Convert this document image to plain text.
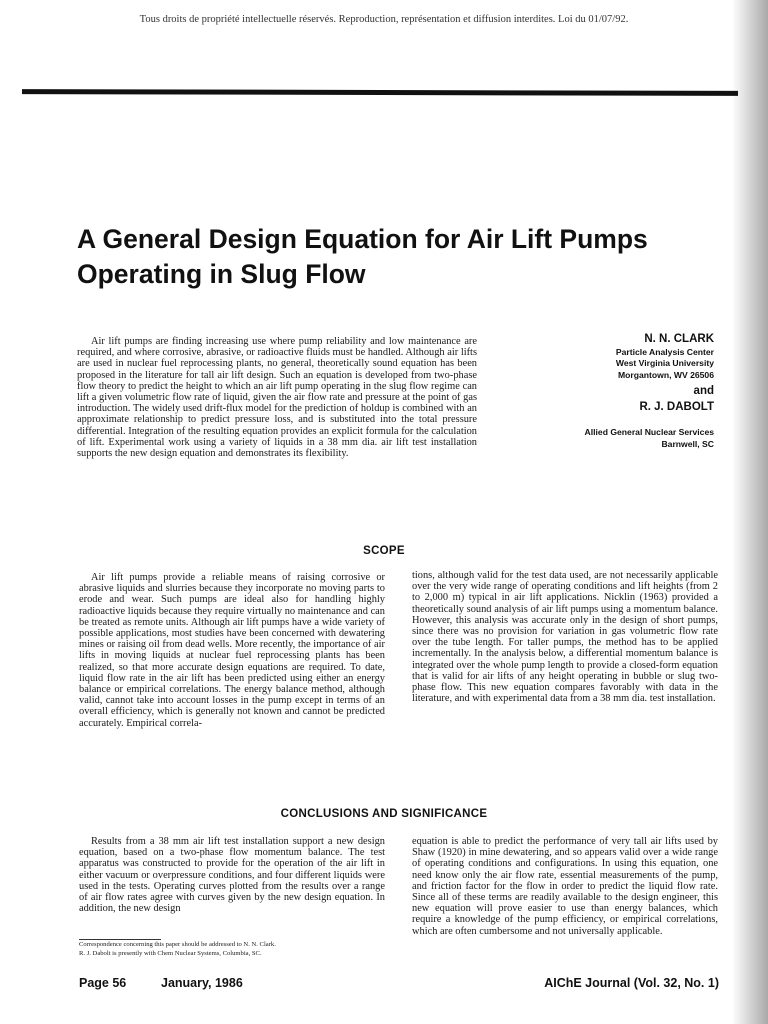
Tous droits de propriété intellectuelle réservés. Reproduction, représentation et diffusion interdites. Loi du 01/07/92.
A General Design Equation for Air Lift Pumps Operating in Slug Flow

Air lift pumps are finding increasing use where pump reliability and low maintenance are required, and where corrosive, abrasive, or radioactive fluids must be handled. Although air lifts are used in nuclear fuel reprocessing plants, no general, theoretically sound equation has been proposed in the literature for tall air lift design. Such an equation is developed from two-phase flow theory to predict the height to which an air lift pump operating in the slug flow regime can lift a given volumetric flow rate of liquid, given the air flow rate and pressure at the point of gas introduction. The widely used drift-flux model for the prediction of holdup is combined with an approximate relationship to predict pressure loss, and is substituted into the total pressure differential. Integration of the resulting equation provides an explicit formula for the calculation of lift. Experimental work using a variety of liquids in a 38 mm dia. air lift test installation supports the new design equation and demonstrates its flexibility.

N. N. CLARK
Particle Analysis Center
West Virginia University
Morgantown, WV 26506
and
R. J. DABOLT
Allied General Nuclear Services
Barnwell, SC
SCOPE

Air lift pumps provide a reliable means of raising corrosive or abrasive liquids and slurries because they incorporate no moving parts to erode and wear. Such pumps are ideal also for handling highly radioactive liquids because they require virtually no maintenance and can be treated as remote units. Although air lift pumps have a wide variety of possible applications, most studies have been concerned with dewatering mines or raising oil from dead wells. More recently, the importance of air lifts in moving liquids at nuclear fuel reprocessing plants has been realized, so that more accurate design equations are required. To date, liquid flow rate in the air lift has been predicted using either an energy balance or empirical correlations. The energy balance method, although valid, cannot take into account losses in the pump except in terms of an overall efficiency, which is generally not known and cannot be predicted accurately. Empirical correla-

tions, although valid for the test data used, are not necessarily applicable over the very wide range of operating conditions and lift heights (from 2 to 2,000 m) typical in air lift applications. Nicklin (1963) provided a theoretically sound analysis of air lift pumps using a momentum balance. However, this analysis was accurate only in the design of short pumps, since there was no provision for variation in gas volumetric flow rate over the tube length. For taller pumps, the method has to be applied incrementally. In the analysis below, a differential momentum balance is integrated over the whole pump length to provide a closed-form equation that is valid for air lifts of any height operating in bubble or slug two-phase flow. This new equation compares favorably with data in the literature, and with experimental data from a 38 mm dia. test installation.

CONCLUSIONS AND SIGNIFICANCE

Results from a 38 mm air lift test installation support a new design equation, based on a two-phase flow momentum balance. The test apparatus was constructed to provide for the operation of the air lift in either vacuum or overpressure conditions, and four different liquids were used in the tests. Operating curves plotted from the results over a range of air flow rates agree with curves given by the new design equation. In addition, the new design

equation is able to predict the performance of very tall air lifts used by Shaw (1920) in mine dewatering, and so appears valid over a wide range of operating conditions and configurations. In using this equation, one need know only the air flow rate, essential measurements of the pump, and friction factor for the flow in order to predict the liquid flow rate. Since all of these terms are readily available to the design engineer, this new equation will prove easier to use than energy balances, which require a knowledge of the pump efficiency, or empirical correlations, which are often cumbersome and not universally applicable.

Correspondence concerning this paper should be addressed to N. N. Clark.
R. J. Dabolt is presently with Chem Nuclear Systems, Columbia, SC.
Page 56	January, 1986	AIChE Journal (Vol. 32, No. 1)
